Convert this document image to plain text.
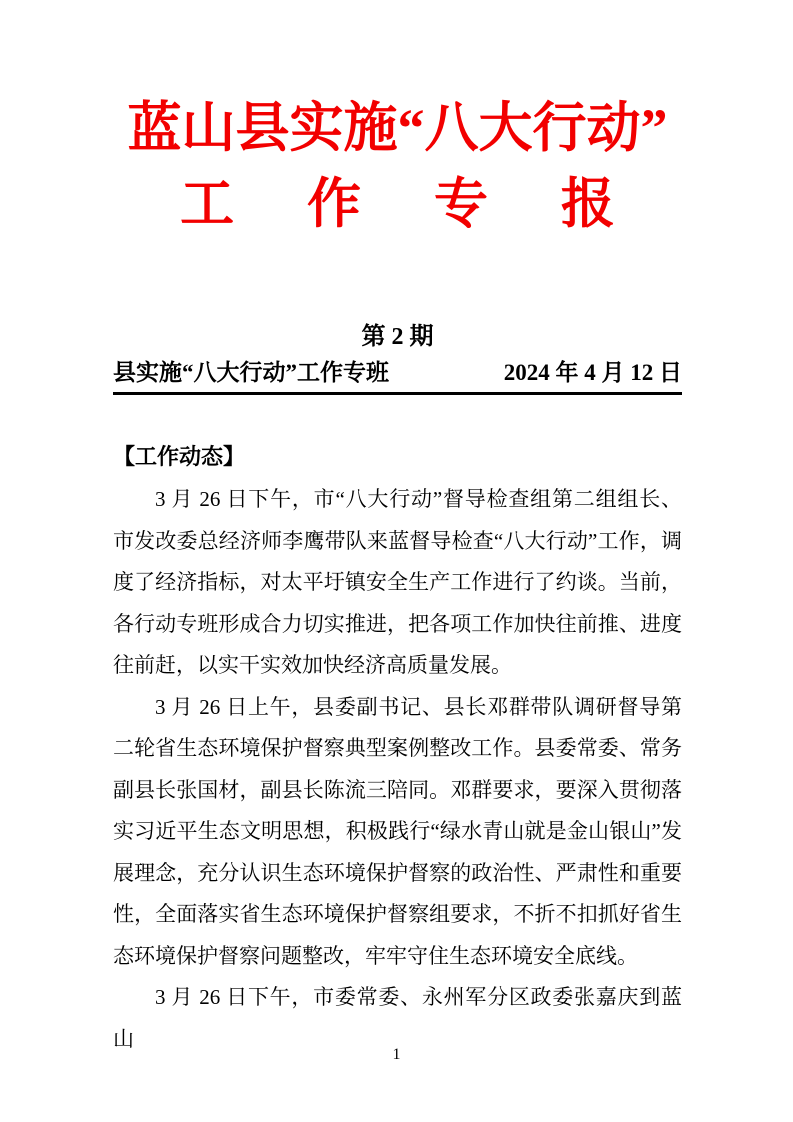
蓝山县实施“八大行动”
工 作 专 报
第 2 期
县实施“八大行动”工作专班	2024 年 4 月 12 日
【工作动态】

3 月 26 日下午，市“八大行动”督导检查组第二组组长、市发改委总经济师李鹰带队来蓝督导检查“八大行动”工作，调度了经济指标，对太平圩镇安全生产工作进行了约谈。当前，各行动专班形成合力切实推进，把各项工作加快往前推、进度往前赶，以实干实效加快经济高质量发展。

3 月 26 日上午，县委副书记、县长邓群带队调研督导第二轮省生态环境保护督察典型案例整改工作。县委常委、常务副县长张国材，副县长陈流三陪同。邓群要求，要深入贯彻落实习近平生态文明思想，积极践行“绿水青山就是金山银山”发展理念，充分认识生态环境保护督察的政治性、严肃性和重要性，全面落实省生态环境保护督察组要求，不折不扣抓好省生态环境保护督察问题整改，牢牢守住生态环境安全底线。

3 月 26 日下午，市委常委、永州军分区政委张嘉庆到蓝山

1
